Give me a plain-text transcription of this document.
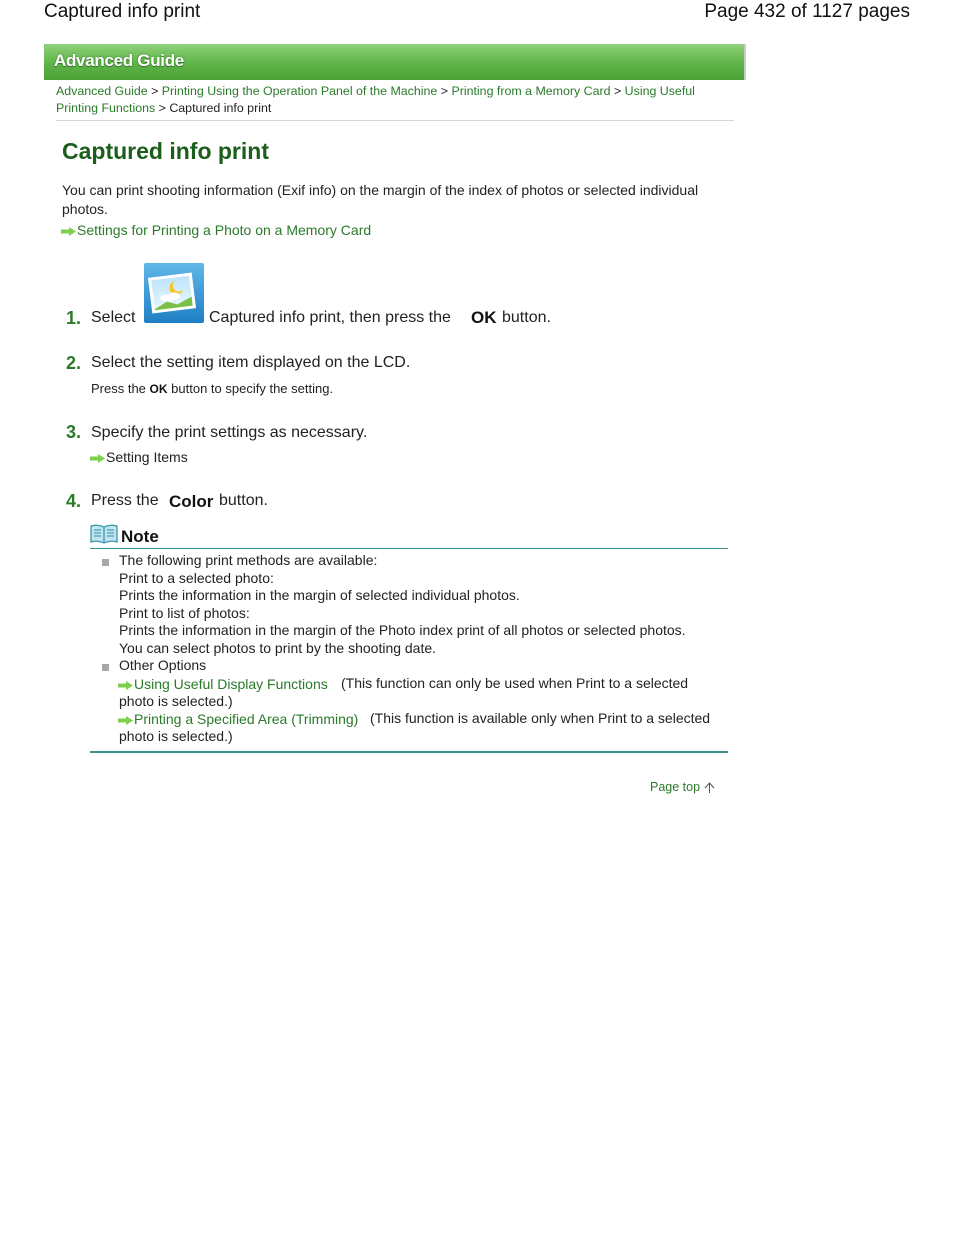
Captured info print	Page 432 of 1127 pages
Advanced Guide
Advanced Guide > Printing Using the Operation Panel of the Machine > Printing from a Memory Card > Using Useful
Printing Functions > Captured info print
Captured info print
You can print shooting information (Exif info) on the margin of the index of photos or selected individual photos.
Settings for Printing a Photo on a Memory Card
1. Select	Captured info print, then press the OK button.
2. Select the setting item displayed on the LCD.
Press the OK button to specify the setting.
3. Specify the print settings as necessary.
Setting Items
4. Press the Color button.
Note
The following print methods are available:
Print to a selected photo:
Prints the information in the margin of selected individual photos.
Print to list of photos:
Prints the information in the margin of the Photo index print of all photos or selected photos.
You can select photos to print by the shooting date.
Other Options
Using Useful Display Functions (This function can only be used when Print to a selected
photo is selected.)
Printing a Specified Area (Trimming) (This function is available only when Print to a selected
photo is selected.)
Page top
